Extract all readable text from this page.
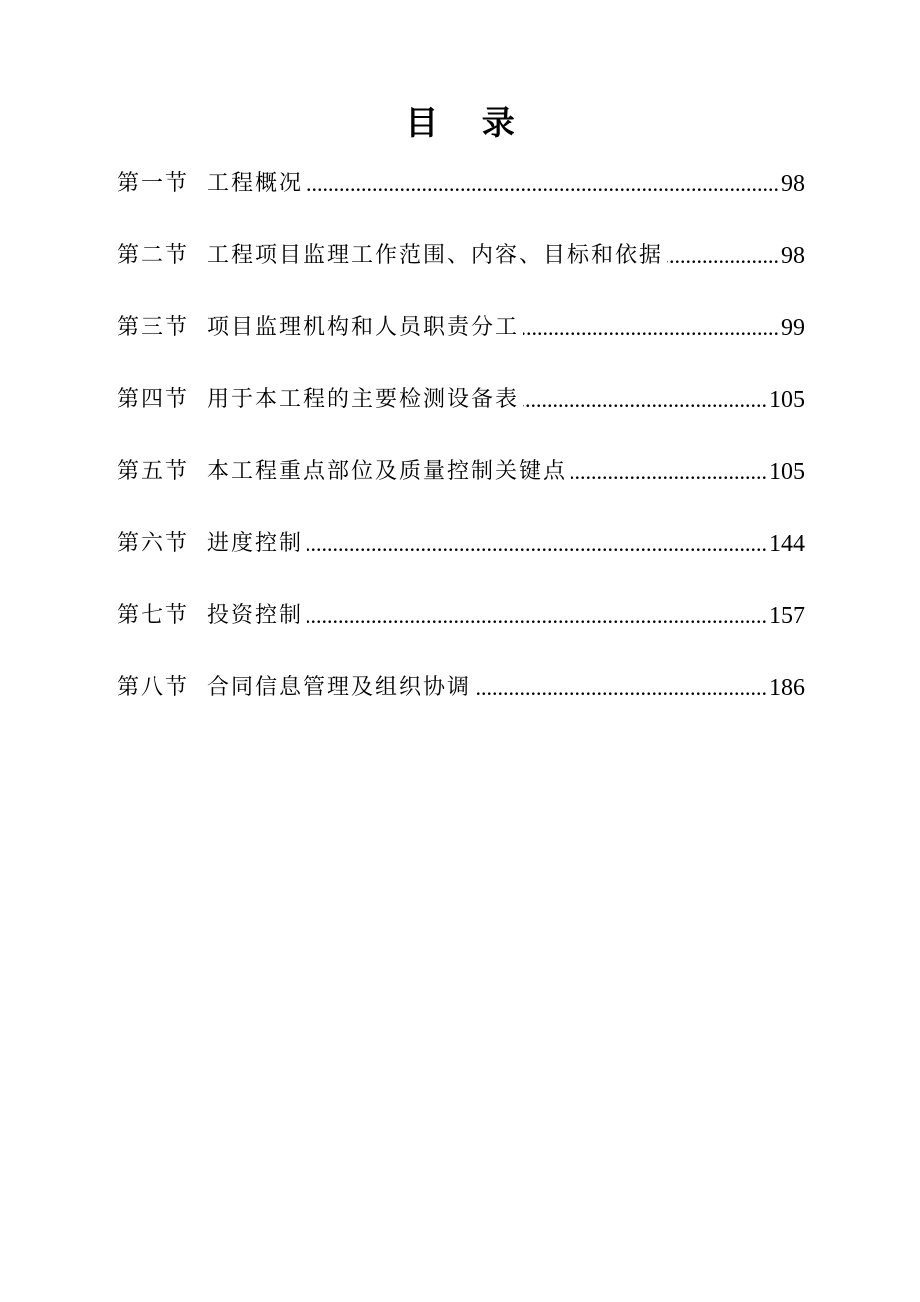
目 录
第一节 工程概况 .....	98
第二节 工程项目监理工作范围、内容、目标和依据 .....	98
第三节 项目监理机构和人员职责分工 .....	99
第四节 用于本工程的主要检测设备表 .....	105
第五节 本工程重点部位及质量控制关键点 .....	105
第六节 进度控制 .....	144
第七节 投资控制 .....	157
第八节 合同信息管理及组织协调 .....	186
